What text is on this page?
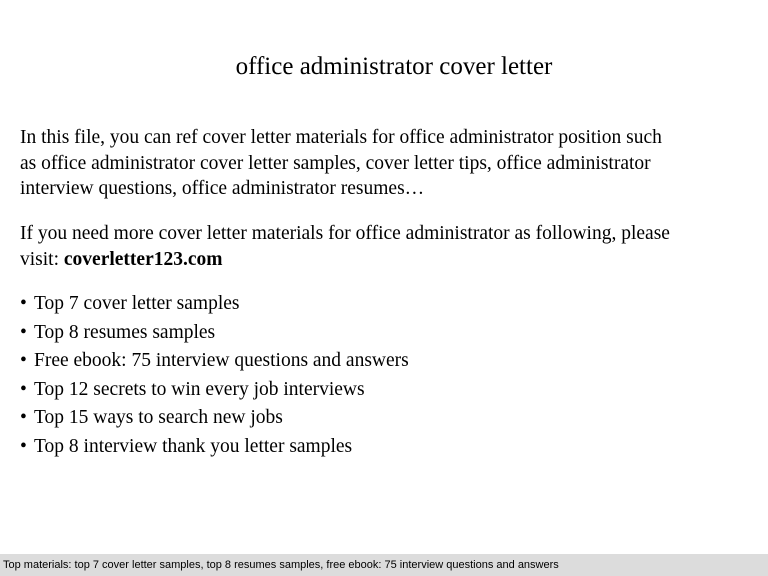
office administrator cover letter
In this file, you can ref cover letter materials for office administrator position such
as office administrator cover letter samples, cover letter tips, office administrator
interview questions, office administrator resumes…
If you need more cover letter materials for office administrator as following, please
visit: coverletter123.com
• Top 7 cover letter samples
• Top 8 resumes samples
• Free ebook: 75 interview questions and answers
• Top 12 secrets to win every job interviews
• Top 15 ways to search new jobs
• Top 8 interview thank you letter samples
Top materials: top 7 cover letter samples, top 8 resumes samples, free ebook: 75 interview questions and answers
